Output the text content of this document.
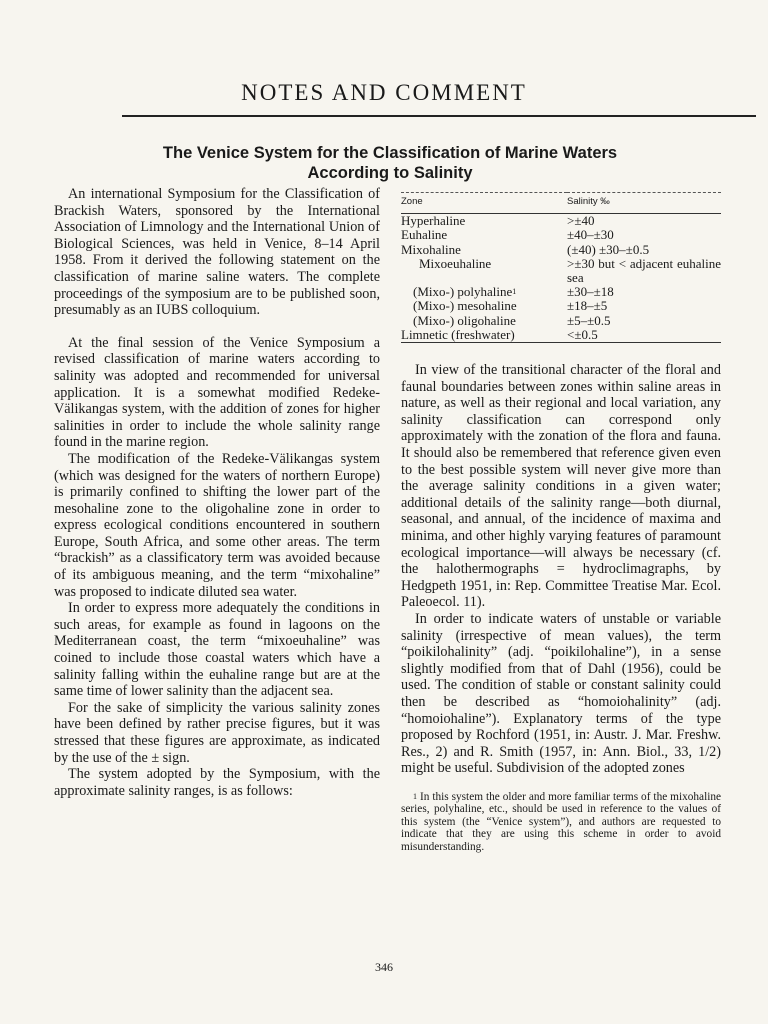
NOTES AND COMMENT
The Venice System for the Classification of Marine Waters
According to Salinity

An international Symposium for the Classification of Brackish Waters, sponsored by the International Association of Limnology and the International Union of Biological Sciences, was held in Venice, 8–14 April 1958. From it derived the following statement on the classification of marine saline waters. The complete proceedings of the symposium are to be published soon, presumably as an IUBS colloquium.

At the final session of the Venice Symposium a revised classification of marine waters according to salinity was adopted and recommended for universal application. It is a somewhat modified Redeke-Välikangas system, with the addition of zones for higher salinities in order to include the whole salinity range found in the marine region.

The modification of the Redeke-Välikangas system (which was designed for the waters of northern Europe) is primarily confined to shifting the lower part of the mesohaline zone to the oligohaline zone in order to express ecological conditions encountered in southern Europe, South Africa, and some other areas. The term “brackish” as a classificatory term was avoided because of its ambiguous meaning, and the term “mixohaline” was proposed to indicate diluted sea water.

In order to express more adequately the conditions in such areas, for example as found in lagoons on the Mediterranean coast, the term “mixoeuhaline” was coined to include those coastal waters which have a salinity falling within the euhaline range but are at the same time of lower salinity than the adjacent sea.

For the sake of simplicity the various salinity zones have been defined by rather precise figures, but it was stressed that these figures are approximate, as indicated by the use of the ± sign.

The system adopted by the Symposium, with the approximate salinity ranges, is as follows:

Zone	Salinity ‰
Hyperhaline	>±40
Euhaline	±40–±30
Mixohaline	(±40) ±30–±0.5
Mixoeuhaline	>±30 but < adjacent euhaline sea
(Mixo-) polyhaline$^1$	±30–±18
(Mixo-) mesohaline	±18–±5
(Mixo-) oligohaline	±5–±0.5
Limnetic (freshwater)	<±0.5

In view of the transitional character of the floral and faunal boundaries between zones within saline areas in nature, as well as their regional and local variation, any salinity classification can correspond only approximately with the zonation of the flora and fauna. It should also be remembered that reference given even to the best possible system will never give more than the average salinity conditions in a given water; additional details of the salinity range—both diurnal, seasonal, and annual, of the incidence of maxima and minima, and other highly varying features of paramount ecological importance—will always be necessary (cf. the halothermographs = hydroclimagraphs, by Hedgpeth 1951, in: Rep. Committee Treatise Mar. Ecol. Paleoecol. 11).

In order to indicate waters of unstable or variable salinity (irrespective of mean values), the term “poikilohalinity” (adj. “poikilohaline”), in a sense slightly modified from that of Dahl (1956), could be used. The condition of stable or constant salinity could then be described as “homoiohalinity” (adj. “homoiohaline”). Explanatory terms of the type proposed by Rochford (1951, in: Austr. J. Mar. Freshw. Res., 2) and R. Smith (1957, in: Ann. Biol., 33, 1/2) might be useful. Subdivision of the adopted zones

$^1$ In this system the older and more familiar terms of the mixohaline series, polyhaline, etc., should be used in reference to the values of this system (the “Venice system”), and authors are requested to indicate that they are using this scheme in order to avoid misunderstanding.
346
